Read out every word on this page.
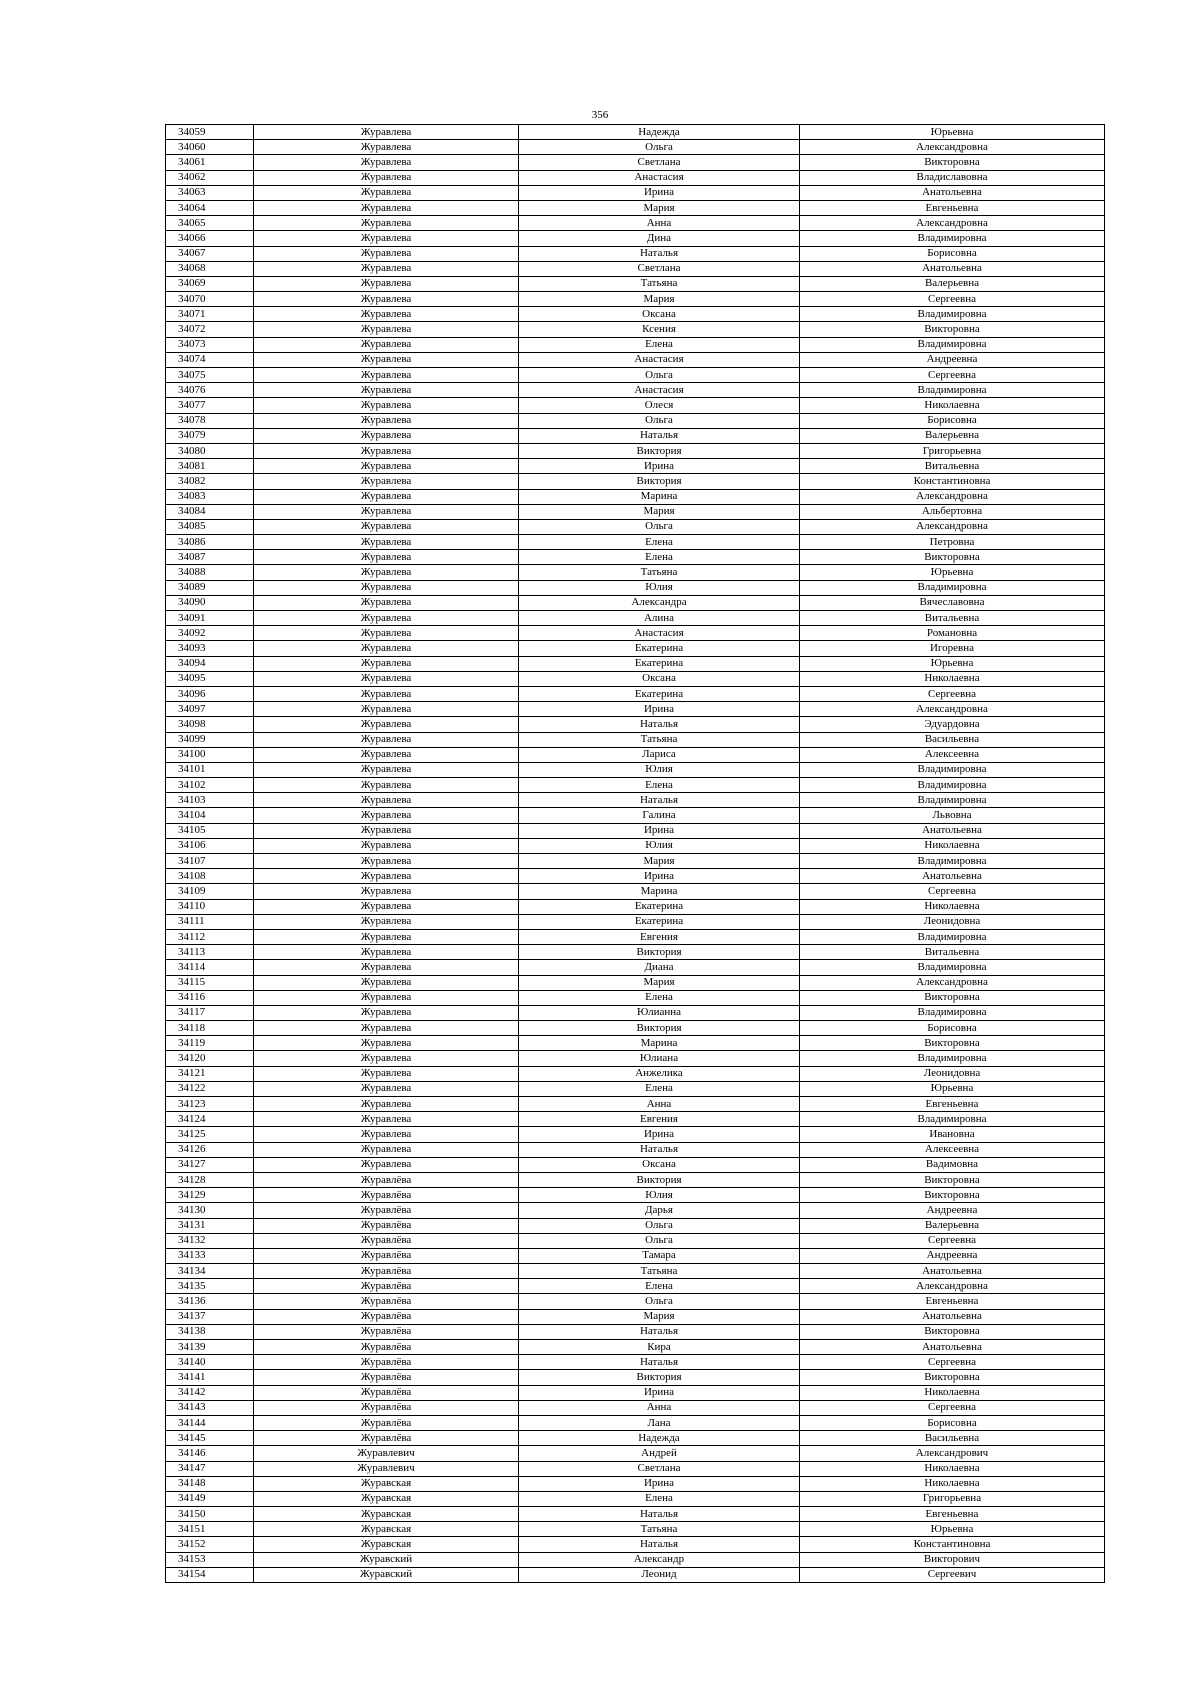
356
34059	Журавлева	Надежда	Юрьевна
34060	Журавлева	Ольга	Александровна
34061	Журавлева	Светлана	Викторовна
34062	Журавлева	Анастасия	Владиславовна
34063	Журавлева	Ирина	Анатольевна
34064	Журавлева	Мария	Евгеньевна
34065	Журавлева	Анна	Александровна
34066	Журавлева	Дина	Владимировна
34067	Журавлева	Наталья	Борисовна
34068	Журавлева	Светлана	Анатольевна
34069	Журавлева	Татьяна	Валерьевна
34070	Журавлева	Мария	Сергеевна
34071	Журавлева	Оксана	Владимировна
34072	Журавлева	Ксения	Викторовна
34073	Журавлева	Елена	Владимировна
34074	Журавлева	Анастасия	Андреевна
34075	Журавлева	Ольга	Сергеевна
34076	Журавлева	Анастасия	Владимировна
34077	Журавлева	Олеся	Николаевна
34078	Журавлева	Ольга	Борисовна
34079	Журавлева	Наталья	Валерьевна
34080	Журавлева	Виктория	Григорьевна
34081	Журавлева	Ирина	Витальевна
34082	Журавлева	Виктория	Константиновна
34083	Журавлева	Марина	Александровна
34084	Журавлева	Мария	Альбертовна
34085	Журавлева	Ольга	Александровна
34086	Журавлева	Елена	Петровна
34087	Журавлева	Елена	Викторовна
34088	Журавлева	Татьяна	Юрьевна
34089	Журавлева	Юлия	Владимировна
34090	Журавлева	Александра	Вячеславовна
34091	Журавлева	Алина	Витальевна
34092	Журавлева	Анастасия	Романовна
34093	Журавлева	Екатерина	Игоревна
34094	Журавлева	Екатерина	Юрьевна
34095	Журавлева	Оксана	Николаевна
34096	Журавлева	Екатерина	Сергеевна
34097	Журавлева	Ирина	Александровна
34098	Журавлева	Наталья	Эдуардовна
34099	Журавлева	Татьяна	Васильевна
34100	Журавлева	Лариса	Алексеевна
34101	Журавлева	Юлия	Владимировна
34102	Журавлева	Елена	Владимировна
34103	Журавлева	Наталья	Владимировна
34104	Журавлева	Галина	Львовна
34105	Журавлева	Ирина	Анатольевна
34106	Журавлева	Юлия	Николаевна
34107	Журавлева	Мария	Владимировна
34108	Журавлева	Ирина	Анатольевна
34109	Журавлева	Марина	Сергеевна
34110	Журавлева	Екатерина	Николаевна
34111	Журавлева	Екатерина	Леонидовна
34112	Журавлева	Евгения	Владимировна
34113	Журавлева	Виктория	Витальевна
34114	Журавлева	Диана	Владимировна
34115	Журавлева	Мария	Александровна
34116	Журавлева	Елена	Викторовна
34117	Журавлева	Юлианна	Владимировна
34118	Журавлева	Виктория	Борисовна
34119	Журавлева	Марина	Викторовна
34120	Журавлева	Юлиана	Владимировна
34121	Журавлева	Анжелика	Леонидовна
34122	Журавлева	Елена	Юрьевна
34123	Журавлева	Анна	Евгеньевна
34124	Журавлева	Евгения	Владимировна
34125	Журавлева	Ирина	Ивановна
34126	Журавлева	Наталья	Алексеевна
34127	Журавлева	Оксана	Вадимовна
34128	Журавлёва	Виктория	Викторовна
34129	Журавлёва	Юлия	Викторовна
34130	Журавлёва	Дарья	Андреевна
34131	Журавлёва	Ольга	Валерьевна
34132	Журавлёва	Ольга	Сергеевна
34133	Журавлёва	Тамара	Андреевна
34134	Журавлёва	Татьяна	Анатольевна
34135	Журавлёва	Елена	Александровна
34136	Журавлёва	Ольга	Евгеньевна
34137	Журавлёва	Мария	Анатольевна
34138	Журавлёва	Наталья	Викторовна
34139	Журавлёва	Кира	Анатольевна
34140	Журавлёва	Наталья	Сергеевна
34141	Журавлёва	Виктория	Викторовна
34142	Журавлёва	Ирина	Николаевна
34143	Журавлёва	Анна	Сергеевна
34144	Журавлёва	Лана	Борисовна
34145	Журавлёва	Надежда	Васильевна
34146	Журавлевич	Андрей	Александрович
34147	Журавлевич	Светлана	Николаевна
34148	Журавская	Ирина	Николаевна
34149	Журавская	Елена	Григорьевна
34150	Журавская	Наталья	Евгеньевна
34151	Журавская	Татьяна	Юрьевна
34152	Журавская	Наталья	Константиновна
34153	Журавский	Александр	Викторович
34154	Журавский	Леонид	Сергеевич
